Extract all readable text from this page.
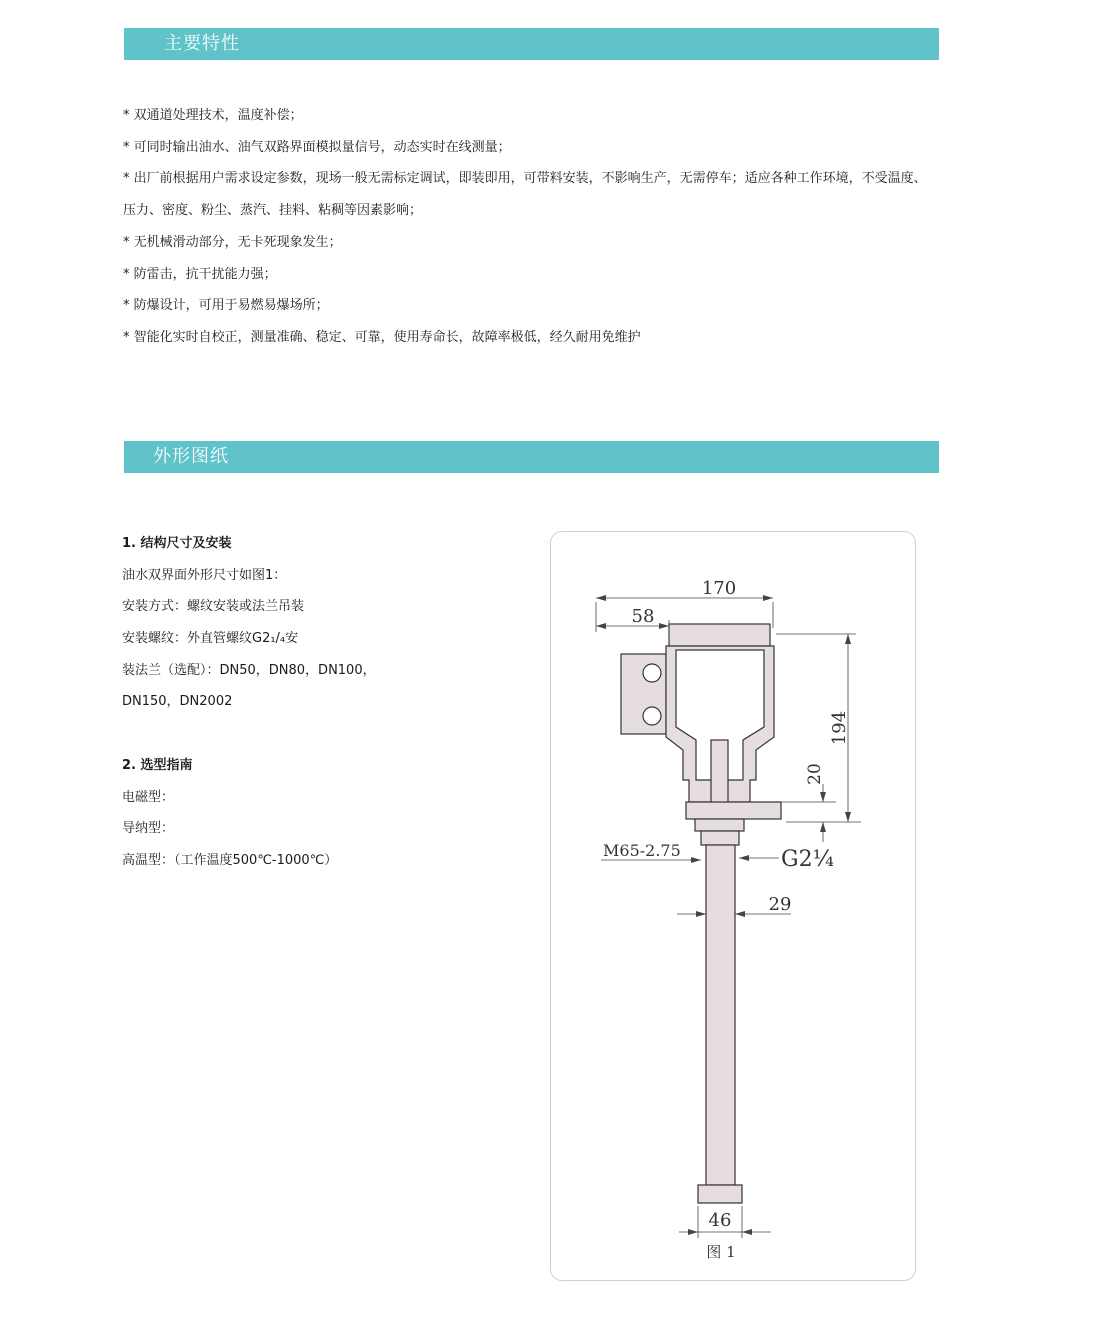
主要特性
* 双通道处理技术，温度补偿；
* 可同时输出油水、油气双路界面模拟量信号，动态实时在线测量；
* 出厂前根据用户需求设定参数，现场一般无需标定调试，即装即用，可带料安装，不影响生产，无需停车；适应各种工作环境，不受温度、
压力、密度、粉尘、蒸汽、挂料、粘稠等因素影响；
* 无机械滑动部分，无卡死现象发生；
* 防雷击，抗干扰能力强；
* 防爆设计，可用于易燃易爆场所；
* 智能化实时自校正，测量准确、稳定、可靠，使用寿命长，故障率极低，经久耐用免维护
外形图纸
1. 结构尺寸及安装
油水双界面外形尺寸如图1：
安装方式：螺纹安装或法兰吊装
安装螺纹：外直管螺纹G2₁/₄安
装法兰（选配）：DN50，DN80，DN100，
DN150，DN2002
2. 选型指南
电磁型：
导纳型：
高温型：（工作温度500℃-1000℃）
170
58
194
20
M65-2.75	G2¼
29
46
图 1
